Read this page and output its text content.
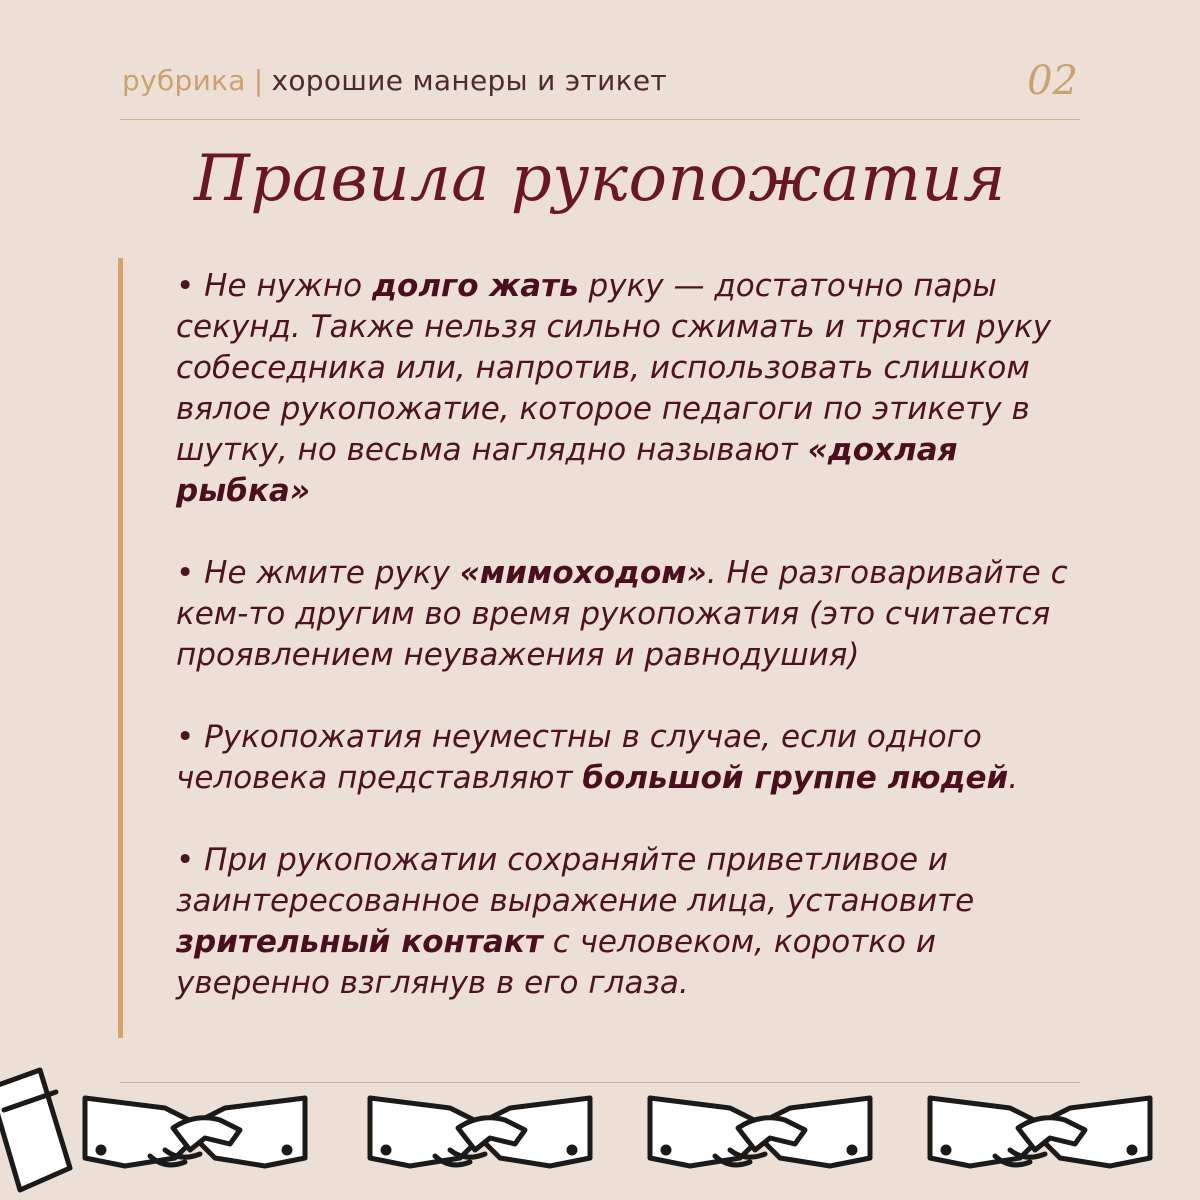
рубрика | хорошие манеры и этикет	02
Правила рукопожатия

• Не нужно долго жать руку — достаточно пары секунд. Также нельзя сильно сжимать и трясти руку собеседника или, напротив, использовать слишком вялое рукопожатие, которое педагоги по этикету в шутку, но весьма наглядно называют «дохлая рыбка»

• Не жмите руку «мимоходом». Не разговаривайте с кем-то другим во время рукопожатия (это считается проявлением неуважения и равнодушия)

• Рукопожатия неуместны в случае, если одного человека представляют большой группе людей.

• При рукопожатии сохраняйте приветливое и заинтересованное выражение лица, установите зрительный контакт с человеком, коротко и уверенно взглянув в его глаза.
